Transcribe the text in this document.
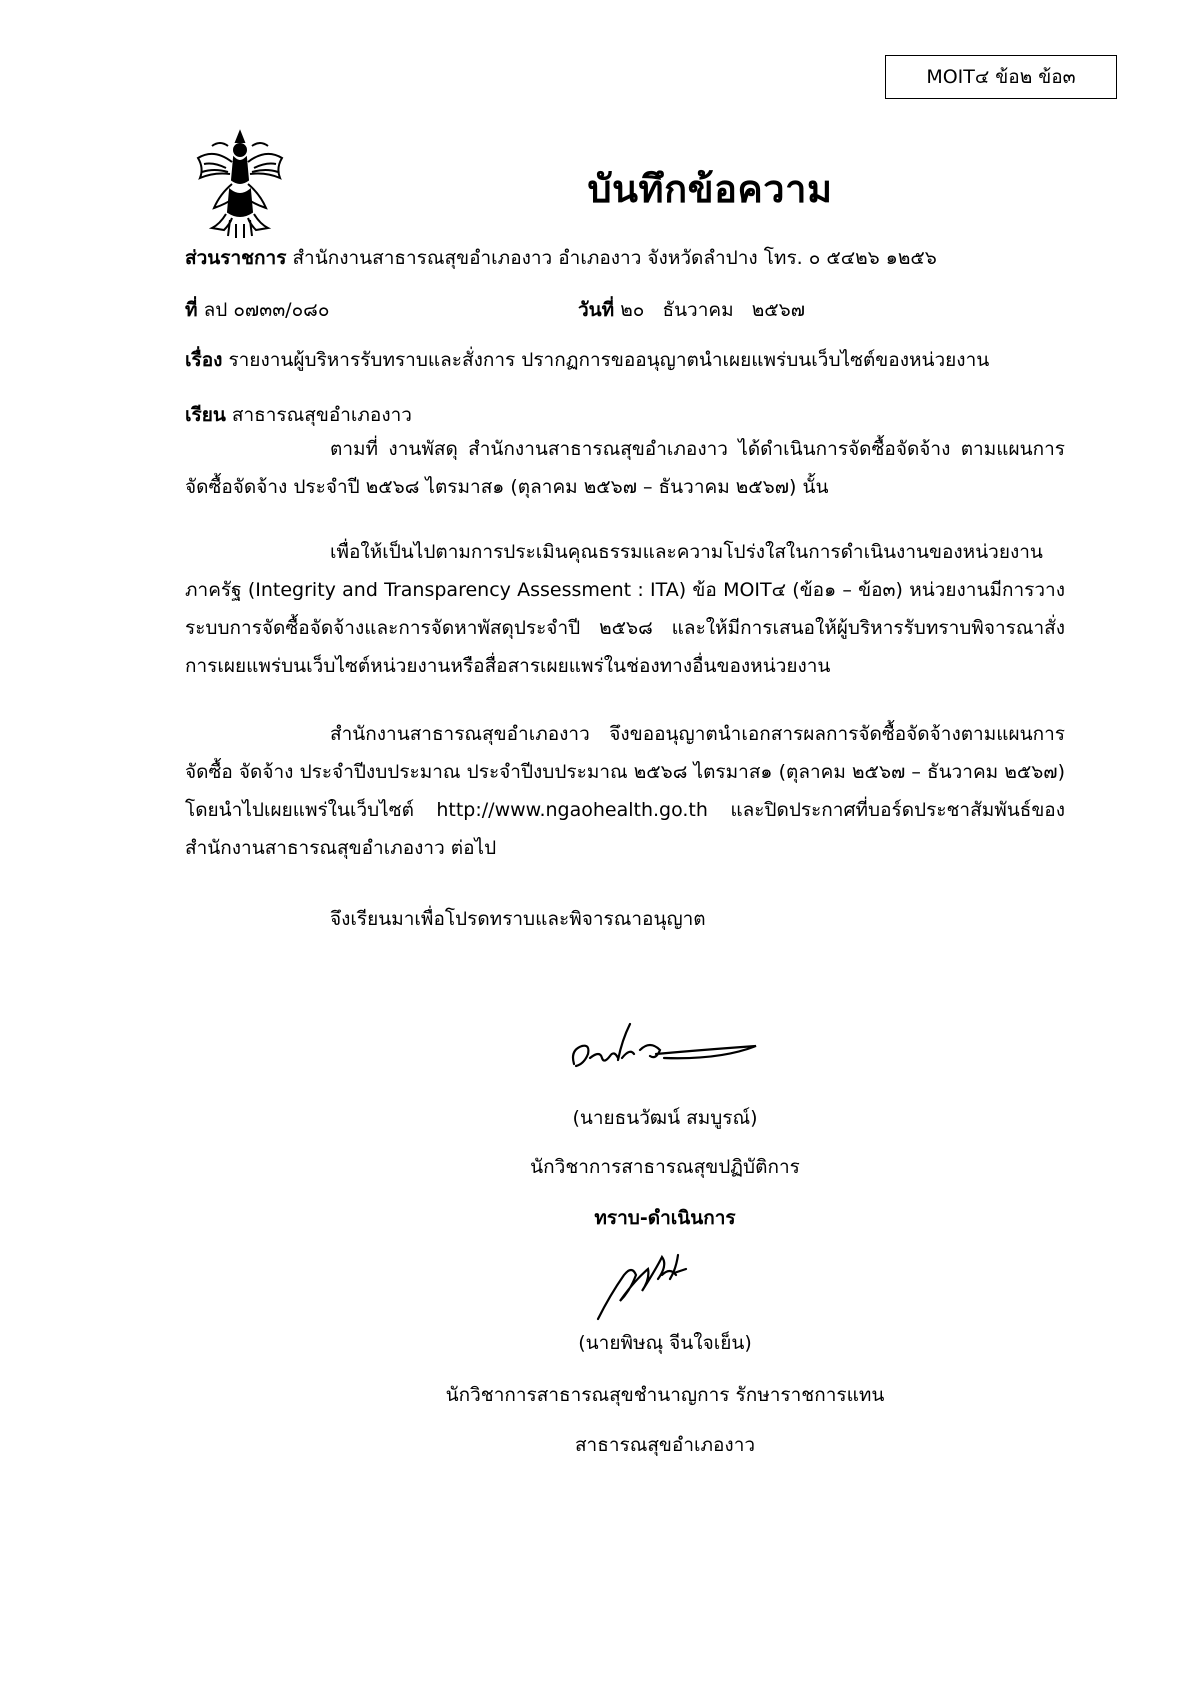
MOIT๔ ข้อ๒ ข้อ๓
บันทึกข้อความ
ส่วนราชการ สำนักงานสาธารณสุขอำเภองาว อำเภองาว จังหวัดลำปาง โทร. ๐ ๕๔๒๖ ๑๒๕๖
ที่ ลป ๐๗๓๓/๐๘๐	วันที่ ๒๐   ธันวาคม   ๒๕๖๗
เรื่อง รายงานผู้บริหารรับทราบและสั่งการ ปรากฏการขออนุญาตนำเผยแพร่บนเว็บไซต์ของหน่วยงาน
เรียน สาธารณสุขอำเภองาว
ตามที่ งานพัสดุ สำนักงานสาธารณสุขอำเภองาว ได้ดำเนินการจัดซื้อจัดจ้าง ตามแผนการจัดซื้อจัดจ้าง ประจำปี ๒๕๖๘ ไตรมาส๑ (ตุลาคม ๒๕๖๗ – ธันวาคม ๒๕๖๗) นั้น
เพื่อให้เป็นไปตามการประเมินคุณธรรมและความโปร่งใสในการดำเนินงานของหน่วยงานภาครัฐ (Integrity and Transparency Assessment : ITA) ข้อ MOIT๔ (ข้อ๑ – ข้อ๓) หน่วยงานมีการวางระบบการจัดซื้อจัดจ้างและการจัดหาพัสดุประจำปี ๒๕๖๘ และให้มีการเสนอให้ผู้บริหารรับทราบพิจารณาสั่งการเผยแพร่บนเว็บไซต์หน่วยงานหรือสื่อสารเผยแพร่ในช่องทางอื่นของหน่วยงาน
สำนักงานสาธารณสุขอำเภองาว จึงขออนุญาตนำเอกสารผลการจัดซื้อจัดจ้างตามแผนการจัดซื้อ จัดจ้าง ประจำปีงบประมาณ ประจำปีงบประมาณ ๒๕๖๘ ไตรมาส๑ (ตุลาคม ๒๕๖๗ – ธันวาคม ๒๕๖๗) โดยนำไปเผยแพร่ในเว็บไซต์ http://www.ngaohealth.go.th และปิดประกาศที่บอร์ดประชาสัมพันธ์ของสำนักงานสาธารณสุขอำเภองาว ต่อไป
จึงเรียนมาเพื่อโปรดทราบและพิจารณาอนุญาต
(นายธนวัฒน์ สมบูรณ์)
นักวิชาการสาธารณสุขปฏิบัติการ
ทราบ-ดำเนินการ
(นายพิษณุ จีนใจเย็น)
นักวิชาการสาธารณสุขชำนาญการ รักษาราชการแทน
สาธารณสุขอำเภองาว
